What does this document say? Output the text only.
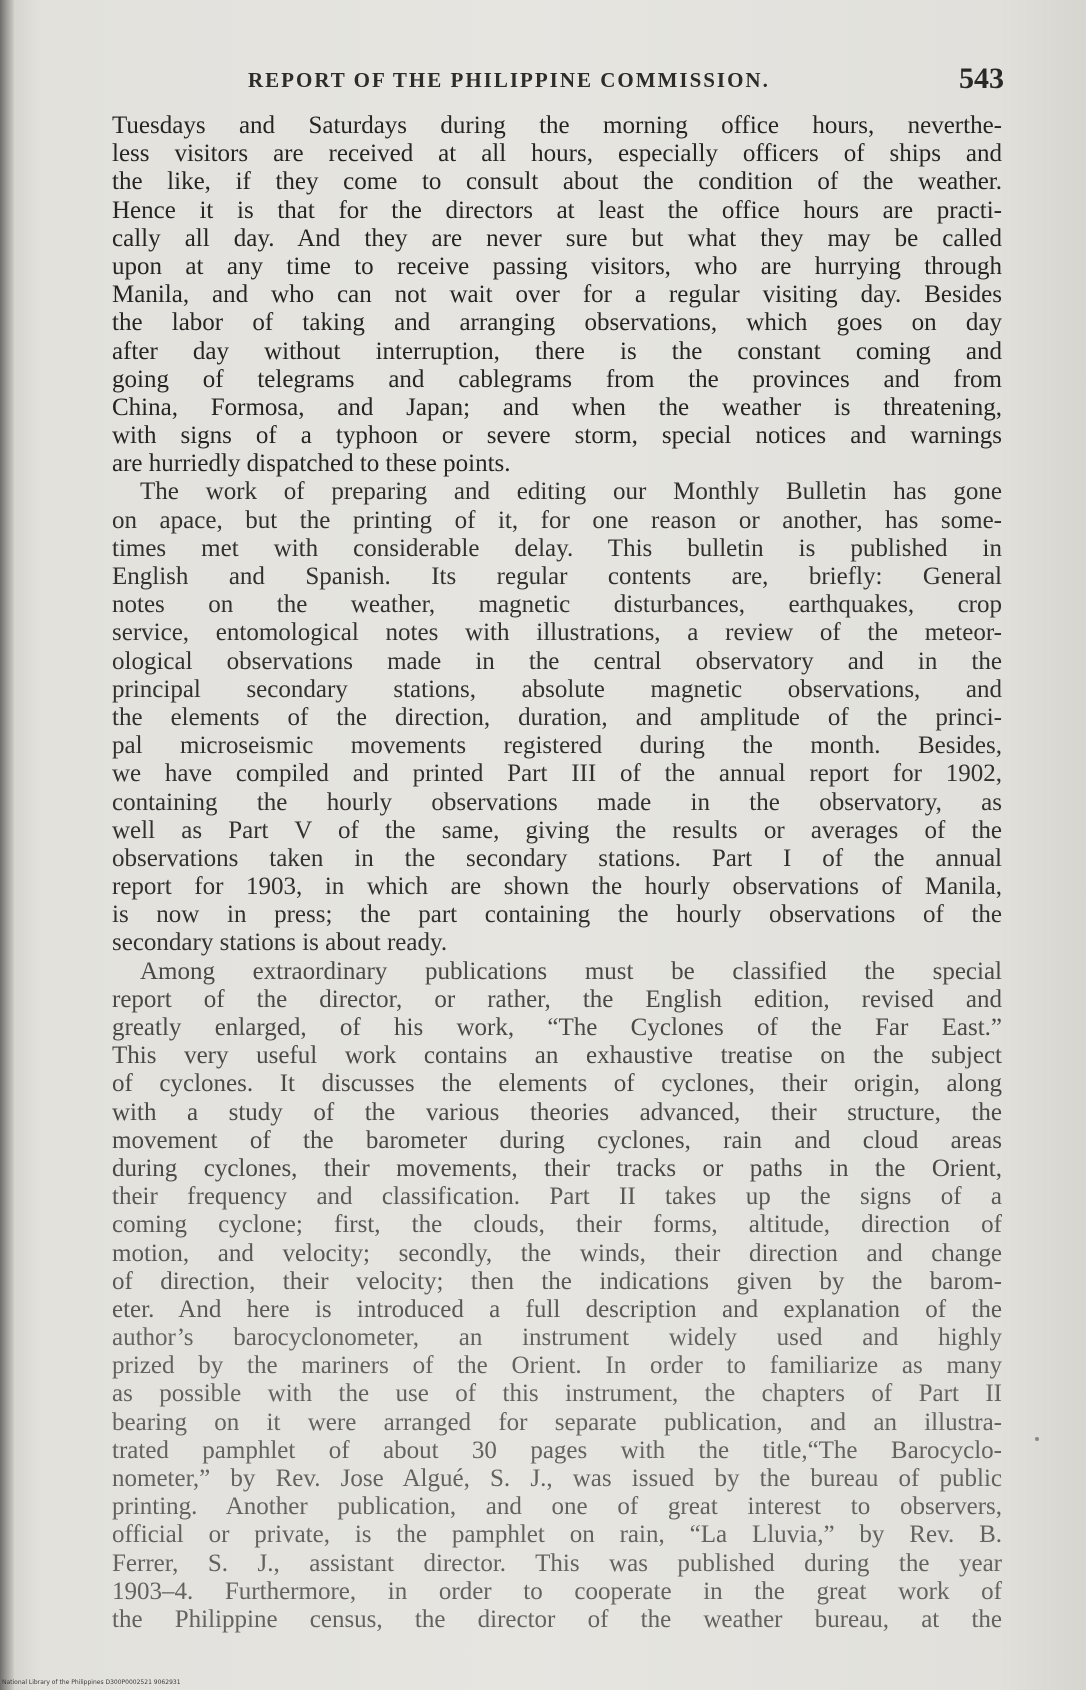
REPORT OF THE PHILIPPINE COMMISSION.	543
Tuesdays and Saturdays during the morning office hours, neverthe-
less visitors are received at all hours, especially officers of ships and
the like, if they come to consult about the condition of the weather.
Hence it is that for the directors at least the office hours are practi-
cally all day. And they are never sure but what they may be called
upon at any time to receive passing visitors, who are hurrying through
Manila, and who can not wait over for a regular visiting day. Besides
the labor of taking and arranging observations, which goes on day
after day without interruption, there is the constant coming and
going of telegrams and cablegrams from the provinces and from
China, Formosa, and Japan; and when the weather is threatening,
with signs of a typhoon or severe storm, special notices and warnings
are hurriedly dispatched to these points.
The work of preparing and editing our Monthly Bulletin has gone
on apace, but the printing of it, for one reason or another, has some-
times met with considerable delay. This bulletin is published in
English and Spanish. Its regular contents are, briefly: General
notes on the weather, magnetic disturbances, earthquakes, crop
service, entomological notes with illustrations, a review of the meteor-
ological observations made in the central observatory and in the
principal secondary stations, absolute magnetic observations, and
the elements of the direction, duration, and amplitude of the princi-
pal microseismic movements registered during the month. Besides,
we have compiled and printed Part III of the annual report for 1902,
containing the hourly observations made in the observatory, as
well as Part V of the same, giving the results or averages of the
observations taken in the secondary stations. Part I of the annual
report for 1903, in which are shown the hourly observations of Manila,
is now in press; the part containing the hourly observations of the
secondary stations is about ready.
Among extraordinary publications must be classified the special
report of the director, or rather, the English edition, revised and
greatly enlarged, of his work, “The Cyclones of the Far East.”
This very useful work contains an exhaustive treatise on the subject
of cyclones. It discusses the elements of cyclones, their origin, along
with a study of the various theories advanced, their structure, the
movement of the barometer during cyclones, rain and cloud areas
during cyclones, their movements, their tracks or paths in the Orient,
their frequency and classification. Part II takes up the signs of a
coming cyclone; first, the clouds, their forms, altitude, direction of
motion, and velocity; secondly, the winds, their direction and change
of direction, their velocity; then the indications given by the barom-
eter. And here is introduced a full description and explanation of the
author’s barocyclonometer, an instrument widely used and highly
prized by the mariners of the Orient. In order to familiarize as many
as possible with the use of this instrument, the chapters of Part II
bearing on it were arranged for separate publication, and an illustra-
trated pamphlet of about 30 pages with the title,“The Barocyclo-
nometer,” by Rev. Jose Algué, S. J., was issued by the bureau of public
printing. Another publication, and one of great interest to observers,
official or private, is the pamphlet on rain, “La Lluvia,” by Rev. B.
Ferrer, S. J., assistant director. This was published during the year
1903–4. Furthermore, in order to cooperate in the great work of
the Philippine census, the director of the weather bureau, at the
National Library of the Philippines D300P0002521 9062931
